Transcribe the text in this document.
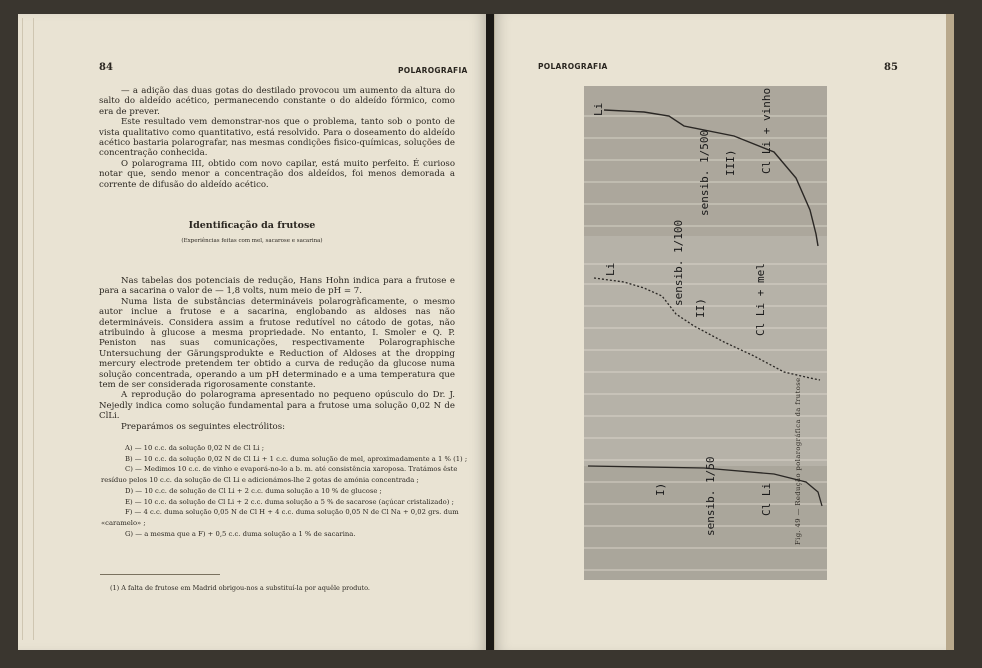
84	POLAROGRAFIA

— a adição das duas gotas do destilado provocou um aumento da altura do salto do aldeído acético, permanecendo constante o do aldeído fórmico, como era de prever.

Este resultado vem demonstrar-nos que o problema, tanto sob o ponto de vista qualitativo como quantitativo, está resolvido. Para o doseamento do aldeído acético bastaria polarografar, nas mesmas condições fisico-químicas, soluções de concentração conhecida.

O polarograma III, obtido com novo capilar, está muito perfeito. É curioso notar que, sendo menor a concentração dos aldeídos, foi menos demorada a corrente de difusão do aldeído acético.

Identificação da frutose
(Experiências feitas com mel, sacarose e sacarina)

Nas tabelas dos potenciais de redução, Hans Hohn indica para a frutose e para a sacarina o valor de — 1,8 volts, num meio de pH = 7.

Numa lista de substâncias determináveis polarogràficamente, o mesmo autor inclue a frutose e a sacarina, englobando as aldoses nas não determináveis. Considera assim a frutose redutível no cátodo de gotas, não atribuindo à glucose a mesma propriedade. No entanto, I. Smoler e Q. P. Peniston nas suas comunicações, respectivamente Polarographische Untersuchung der Gärungsprodukte e Reduction of Aldoses at the dropping mercury electrode pretendem ter obtido a curva de redução da glucose numa solução concentrada, operando a um pH determinado e a uma temperatura que tem de ser considerada rigorosamente constante.

A reprodução do polarograma apresentado no pequeno opúsculo do Dr. J. Nejedly indica como solução fundamental para a frutose uma solução 0,02 N de ClLi.

Preparámos os seguintes electrólitos:

A) — 10 c.c. da solução 0,02 N de Cl Li ;
B) — 10 c.c. da solução 0,02 N de Cl Li + 1 c.c. duma solução de mel, aproximadamente a 1 % (1) ;
C) — Medimos 10 c.c. de vinho e evaporá-no-lo a b. m. até consistência xaroposa. Tratámos êste
resíduo pelos 10 c.c. da solução de Cl Li e adicionámos-lhe 2 gotas de amónia concentrada ;
D) — 10 c.c. de solução de Cl Li + 2 c.c. duma solução a 10 % de glucose ;
E) — 10 c.c. da solução de Cl Li + 2 c.c. duma solução a 5 % de sacarose (açúcar cristalizado) ;
F) — 4 c.c. duma solução 0,05 N de Cl H + 4 c.c. duma solução 0,05 N de Cl Na + 0,02 grs. dum
«caramelo» ;
G) — a mesma que a F) + 0,5 c.c. duma solução a 1 % de sacarina.
(1) A falta de frutose em Madrid obrigou-nos a substituí-la por aquêle produto.
POLAROGRAFIA	85
Li	Cl Li + vinho
III)
sensib. 1/500
Li	sensib. 1/100
II)	Cl Li + mel
I)	sensib. 1/50	Cl Li	Fig. 49 — Redução polarográfica da frutose
